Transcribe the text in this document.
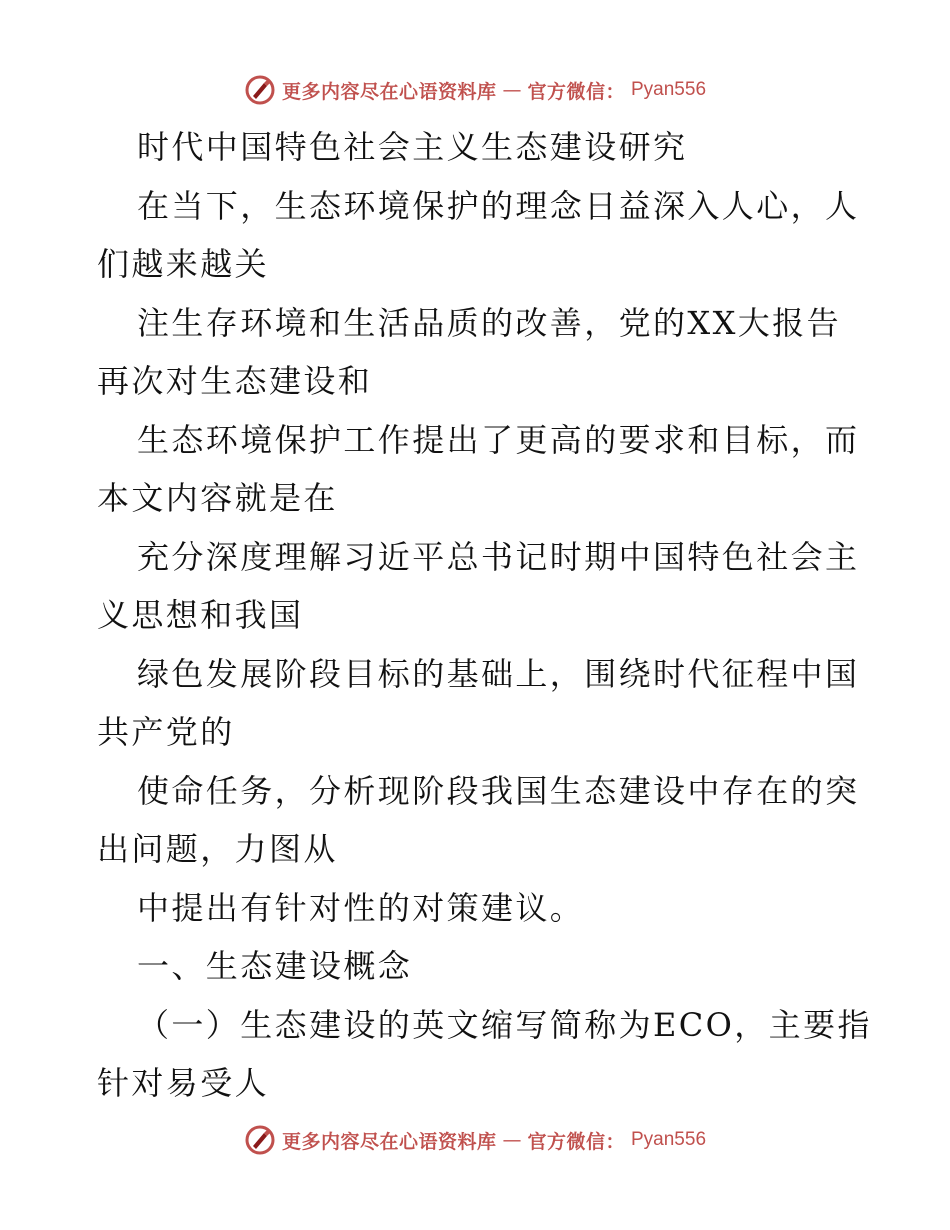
更多内容尽在心语资料库 — 官方微信： Pyan556
时代中国特色社会主义生态建设研究
在当下，生态环境保护的理念日益深入人心，人
们越来越关
注生存环境和生活品质的改善，党的XX大报告
再次对生态建设和
生态环境保护工作提出了更高的要求和目标，而
本文内容就是在
充分深度理解习近平总书记时期中国特色社会主
义思想和我国
绿色发展阶段目标的基础上，围绕时代征程中国
共产党的
使命任务，分析现阶段我国生态建设中存在的突
出问题，力图从
中提出有针对性的对策建议。
一、生态建设概念
（一）生态建设的英文缩写简称为ECO，主要指
针对易受人
更多内容尽在心语资料库 — 官方微信： Pyan556
